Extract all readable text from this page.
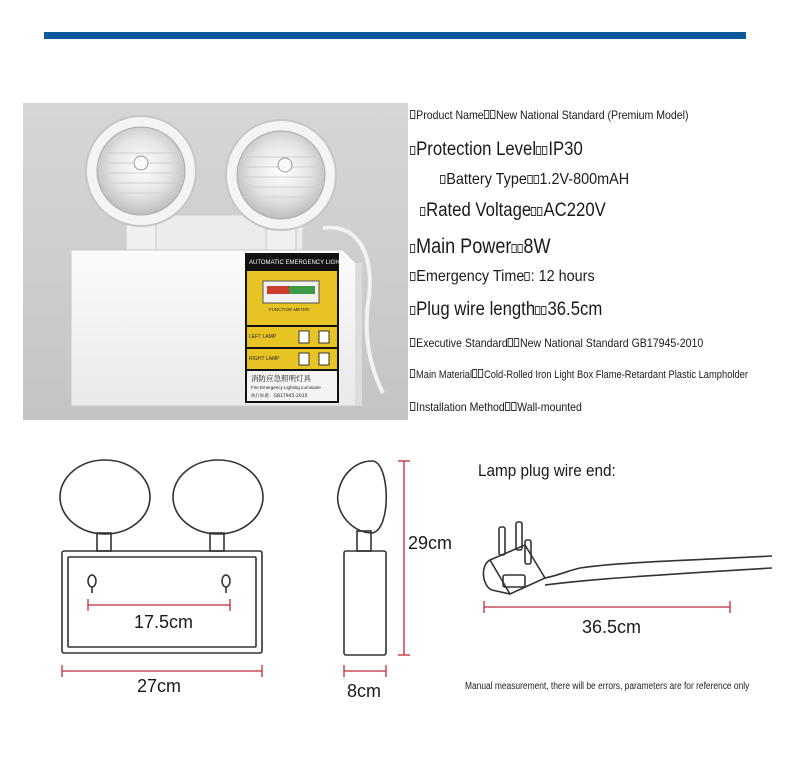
AUTOMATIC EMERGENCY LIGHT
FUNCTION METER
LEFT LAMP
RIGHT LAMP
消防应急照明灯具
Fire Emergency Lighting Luminaire
执行标准：GB17945-2010
Product Name New National Standard (Premium Model)
Protection Level IP30
Battery Type 1.2V-800mAH
Rated Voltage AC220V
Main Power 8W
Emergency Time : 12 hours
Plug wire length 36.5cm
Executive Standard New National Standard GB17945-2010
Main Material Cold-Rolled Iron Light Box Flame-Retardant Plastic Lampholder
Installation Method Wall-mounted
17.5cm
27cm
29cm
8cm
Lamp plug wire end:
36.5cm
Manual measurement, there will be errors, parameters are for reference only
